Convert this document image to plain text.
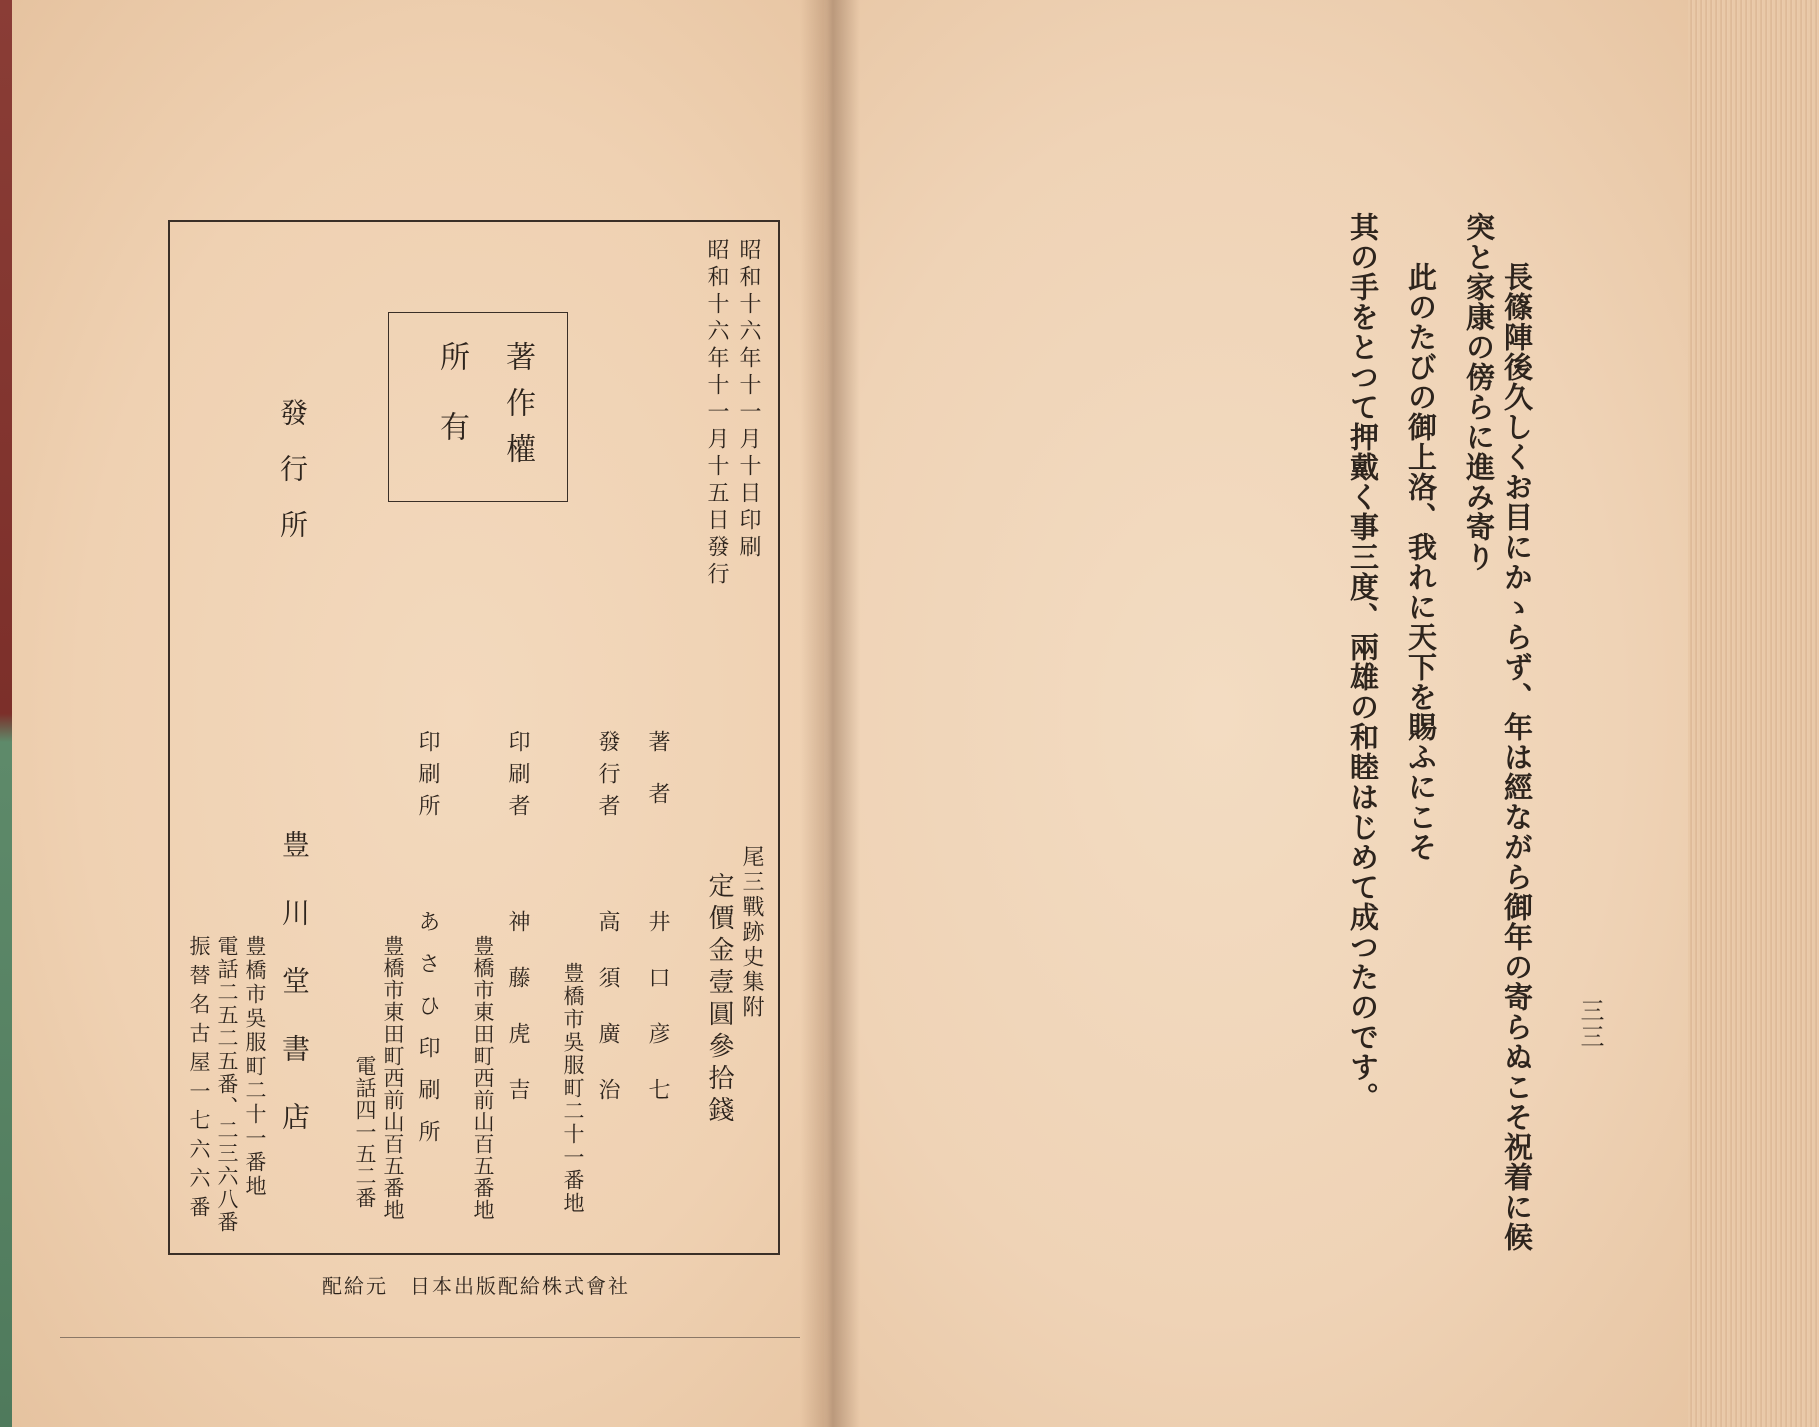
昭和十六年十一月十日印刷
昭和十六年十一月十五日發行
著作權
所有
發行所
尾三戰跡史集附
定價金壹圓參拾錢
著者
井口彦七
發行者
高須廣治
豊橋市吳服町二十一番地
印刷者
神藤虎吉
豊橋市東田町西前山百五番地
印刷所
あさひ印刷所
豊橋市東田町西前山百五番地
電話四一五二番
豊川堂書店
豊橋市吳服町二十一番地
電話二五二五番、二三六八番
振替名古屋一七六六番
配給元　日本出版配給株式會社
長篠陣後久しくお目にかゝらず、年は經ながら御年の寄らぬこそ祝着に候
突と家康の傍らに進み寄り
此のたびの御上洛、我れに天下を賜ふにこそ
其の手をとつて押戴く事三度、兩雄の和睦はじめて成つたのです。	三三
